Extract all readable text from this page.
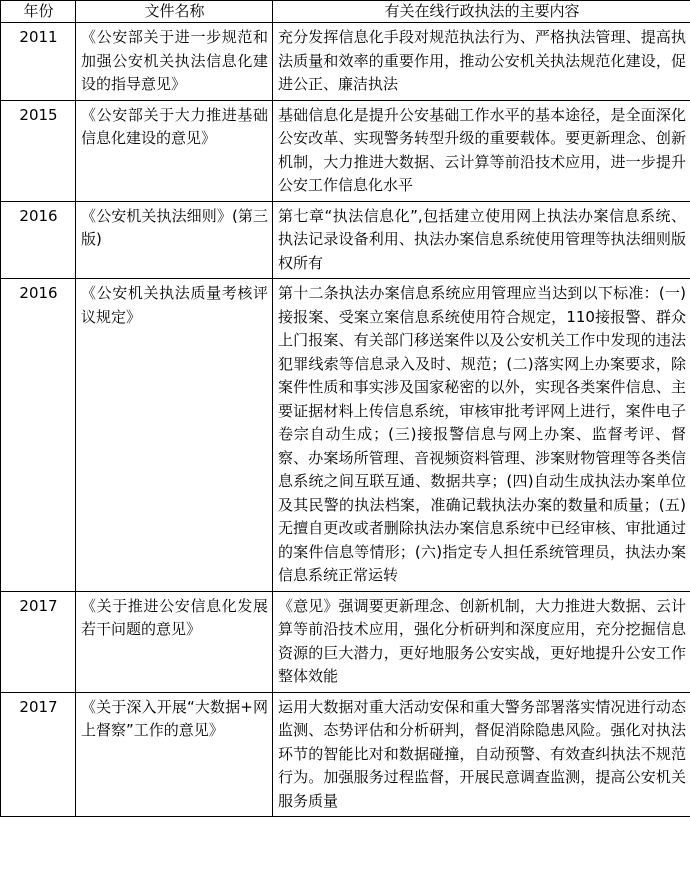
年份	文件名称	有关在线行政执法的主要内容
2011	《公安部关于进一步规范和加强公安机关执法信息化建设的指导意见》	充分发挥信息化手段对规范执法行为、严格执法管理、提高执法质量和效率的重要作用，推动公安机关执法规范化建设，促进公正、廉洁执法
2015	《公安部关于大力推进基础信息化建设的意见》	基础信息化是提升公安基础工作水平的基本途径，是全面深化公安改革、实现警务转型升级的重要载体。要更新理念、创新机制，大力推进大数据、云计算等前沿技术应用，进一步提升公安工作信息化水平
2016	《公安机关执法细则》(第三版)	第七章“执法信息化”,包括建立使用网上执法办案信息系统、执法记录设备利用、执法办案信息系统使用管理等执法细则版权所有
2016	《公安机关执法质量考核评议规定》	第十二条执法办案信息系统应用管理应当达到以下标准：(一)接报案、受案立案信息系统使用符合规定，110接报警、群众上门报案、有关部门移送案件以及公安机关工作中发现的违法犯罪线索等信息录入及时、规范；(二)落实网上办案要求，除案件性质和事实涉及国家秘密的以外，实现各类案件信息、主要证据材料上传信息系统，审核审批考评网上进行，案件电子卷宗自动生成；(三)接报警信息与网上办案、监督考评、督察、办案场所管理、音视频资料管理、涉案财物管理等各类信息系统之间互联互通、数据共享；(四)自动生成执法办案单位及其民警的执法档案，准确记载执法办案的数量和质量；(五)无擅自更改或者删除执法办案信息系统中已经审核、审批通过的案件信息等情形；(六)指定专人担任系统管理员，执法办案信息系统正常运转
2017	《关于推进公安信息化发展若干问题的意见》	《意见》强调要更新理念、创新机制，大力推进大数据、云计算等前沿技术应用，强化分析研判和深度应用，充分挖掘信息资源的巨大潜力，更好地服务公安实战，更好地提升公安工作整体效能
2017	《关于深入开展“大数据+网上督察”工作的意见》	运用大数据对重大活动安保和重大警务部署落实情况进行动态监测、态势评估和分析研判，督促消除隐患风险。强化对执法环节的智能比对和数据碰撞，自动预警、有效查纠执法不规范行为。加强服务过程监督，开展民意调查监测，提高公安机关服务质量
